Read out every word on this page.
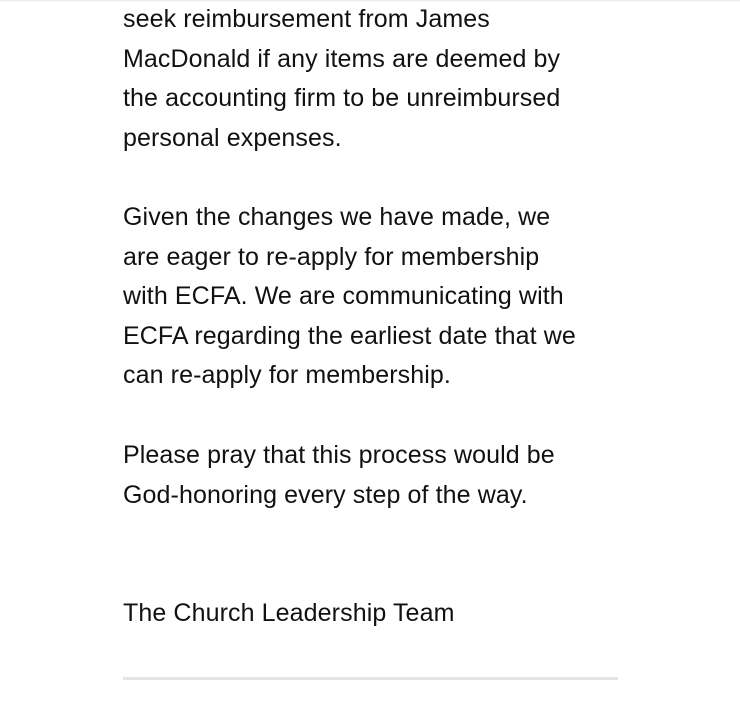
seek reimbursement from James
MacDonald if any items are deemed by
the accounting firm to be unreimbursed
personal expenses.

Given the changes we have made, we
are eager to re-apply for membership
with ECFA. We are communicating with
ECFA regarding the earliest date that we
can re-apply for membership.

Please pray that this process would be
God-honoring every step of the way.

The Church Leadership Team
